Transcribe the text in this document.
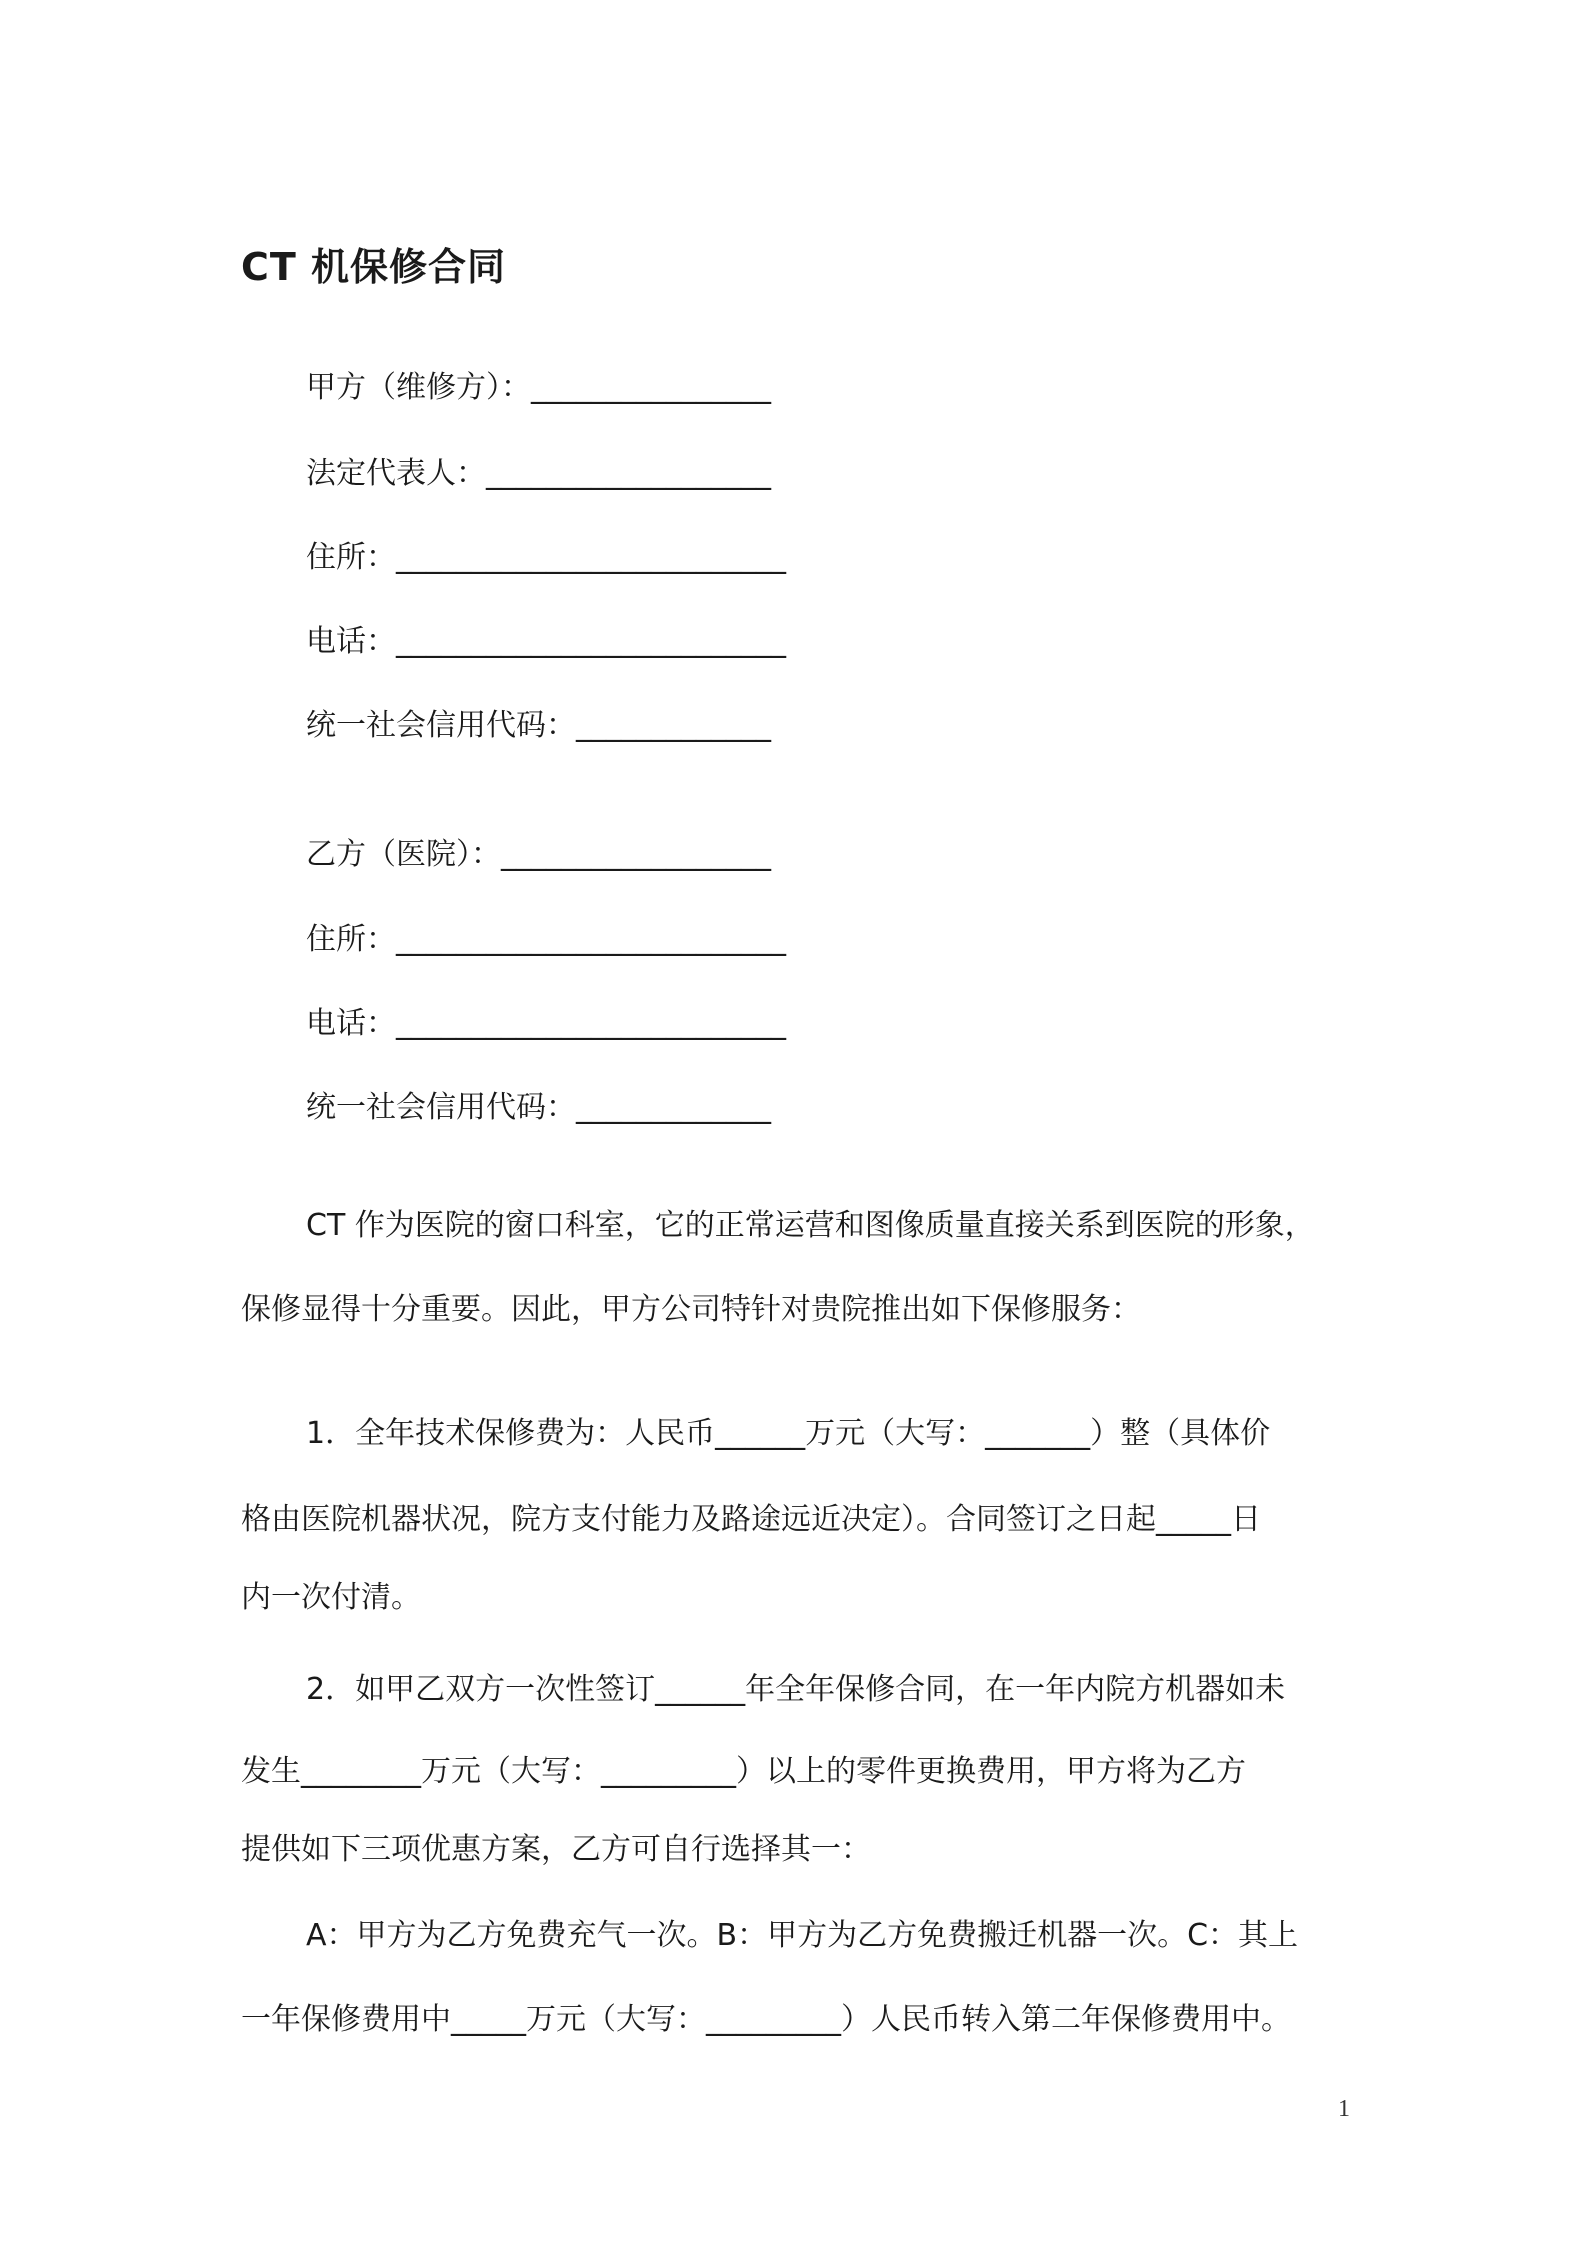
CT 机保修合同

甲方（维修方）：________________

法定代表人：___________________

住所：__________________________

电话：__________________________

统一社会信用代码：_____________

乙方（医院）：__________________

住所：__________________________

电话：__________________________

统一社会信用代码：_____________

CT 作为医院的窗口科室，它的正常运营和图像质量直接关系到医院的形象，

保修显得十分重要。因此，甲方公司特针对贵院推出如下保修服务：

1．全年技术保修费为：人民币______万元（大写：_______）整（具体价

格由医院机器状况，院方支付能力及路途远近决定）。合同签订之日起_____日

内一次付清。

2．如甲乙双方一次性签订______年全年保修合同，在一年内院方机器如未

发生________万元（大写：_________）以上的零件更换费用，甲方将为乙方

提供如下三项优惠方案，乙方可自行选择其一：

A：甲方为乙方免费充气一次。B：甲方为乙方免费搬迁机器一次。C：其上

一年保修费用中_____万元（大写：_________）人民币转入第二年保修费用中。

1
